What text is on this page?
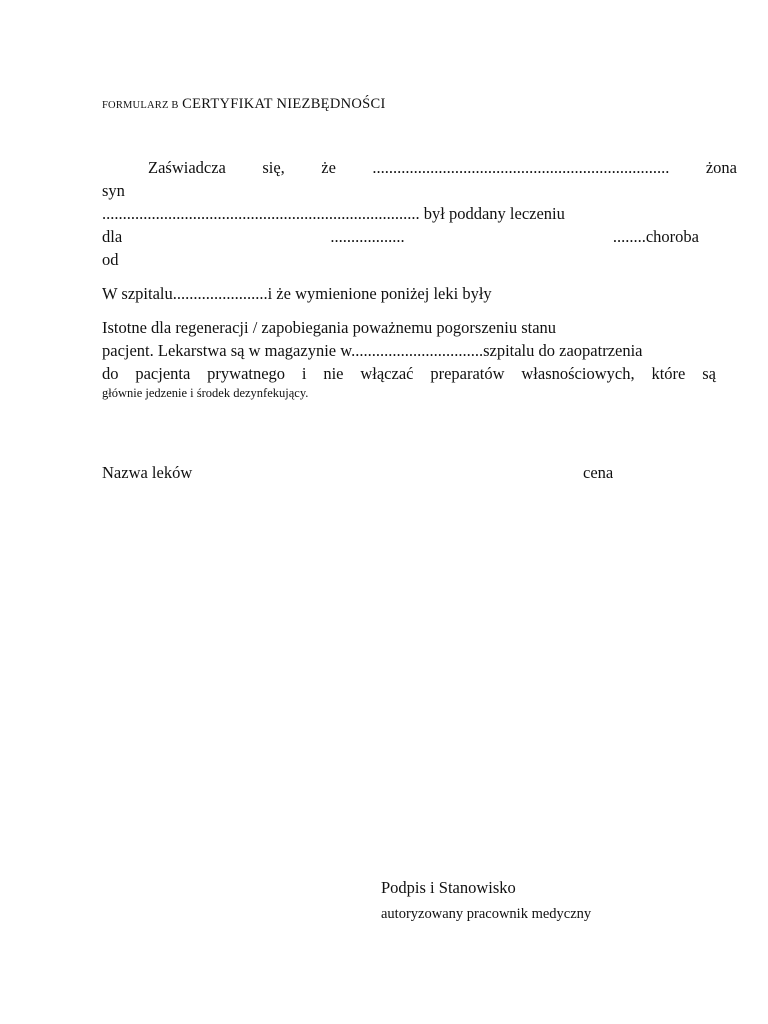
FORMULARZ B CERTYFIKAT NIEZBĘDNOŚCI
Zaświadcza się, że ........................................................................ żona
syn
............................................................................. był poddany leczeniu
dla	..................	........choroba
od
W szpitalu.......................i że wymienione poniżej leki były
Istotne dla regeneracji / zapobiegania poważnemu pogorszeniu stanu
pacjent. Lekarstwa są w magazynie w................................szpitalu do zaopatrzenia
do pacjenta prywatnego i nie włączać preparatów własnościowych, które są
głównie jedzenie i środek dezynfekujący.
Nazwa leków	cena
Podpis i Stanowisko
autoryzowany pracownik medyczny
